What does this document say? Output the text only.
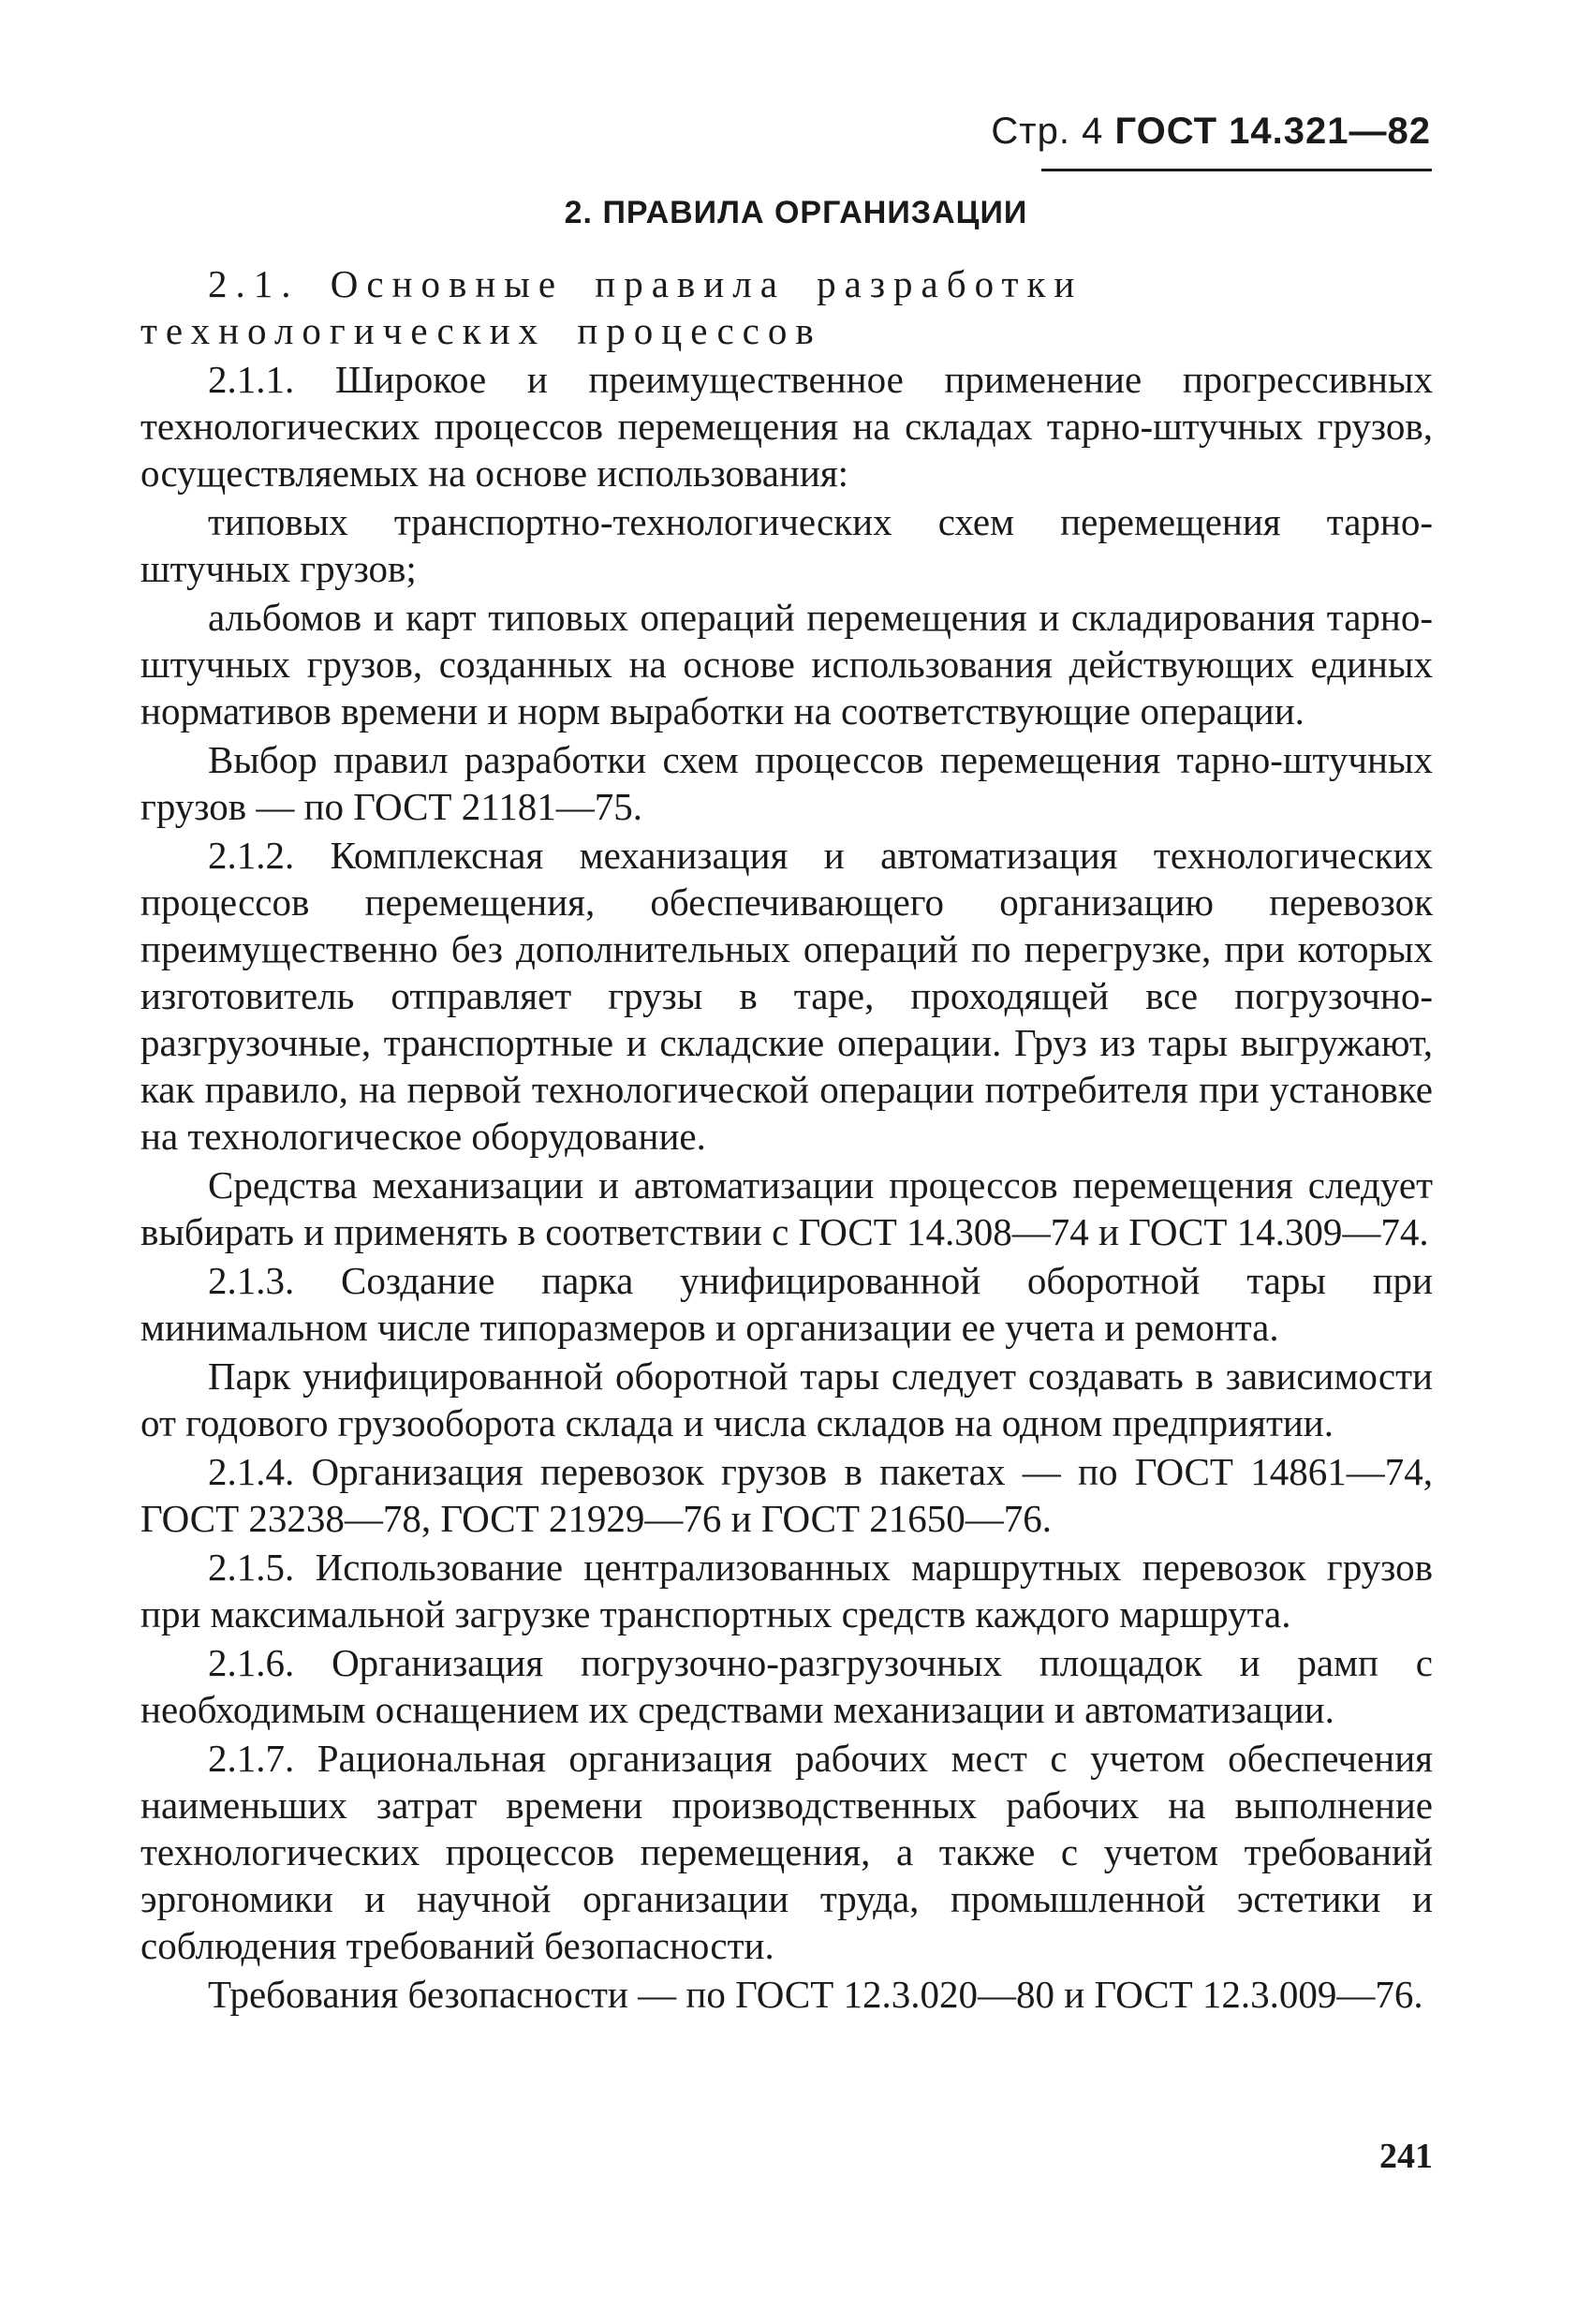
Стр. 4 ГОСТ 14.321—82
2. ПРАВИЛА ОРГАНИЗАЦИИ

2.1. Основные правила разработки технологических процессов

2.1.1. Широкое и преимущественное применение прогрессивных технологических процессов перемещения на складах тарно-штучных грузов, осуществляемых на основе использования:

типовых транспортно-технологических схем перемещения тарно-штучных грузов;

альбомов и карт типовых операций перемещения и складирования тарно-штучных грузов, созданных на основе использования действующих единых нормативов времени и норм выработки на соответствующие операции.

Выбор правил разработки схем процессов перемещения тарно-штучных грузов — по ГОСТ 21181—75.

2.1.2. Комплексная механизация и автоматизация технологических процессов перемещения, обеспечивающего организацию перевозок преимущественно без дополнительных операций по перегрузке, при которых изготовитель отправляет грузы в таре, проходящей все погрузочно-разгрузочные, транспортные и складские операции. Груз из тары выгружают, как правило, на первой технологической операции потребителя при установке на технологическое оборудование.

Средства механизации и автоматизации процессов перемещения следует выбирать и применять в соответствии с ГОСТ 14.308—74 и ГОСТ 14.309—74.

2.1.3. Создание парка унифицированной оборотной тары при минимальном числе типоразмеров и организации ее учета и ремонта.

Парк унифицированной оборотной тары следует создавать в зависимости от годового грузооборота склада и числа складов на одном предприятии.

2.1.4. Организация перевозок грузов в пакетах — по ГОСТ 14861—74, ГОСТ 23238—78, ГОСТ 21929—76 и ГОСТ 21650—76.

2.1.5. Использование централизованных маршрутных перевозок грузов при максимальной загрузке транспортных средств каждого маршрута.

2.1.6. Организация погрузочно-разгрузочных площадок и рамп с необходимым оснащением их средствами механизации и автоматизации.

2.1.7. Рациональная организация рабочих мест с учетом обеспечения наименьших затрат времени производственных рабочих на выполнение технологических процессов перемещения, а также с учетом требований эргономики и научной организации труда, промышленной эстетики и соблюдения требований безопасности.

Требования безопасности — по ГОСТ 12.3.020—80 и ГОСТ 12.3.009—76.

241
